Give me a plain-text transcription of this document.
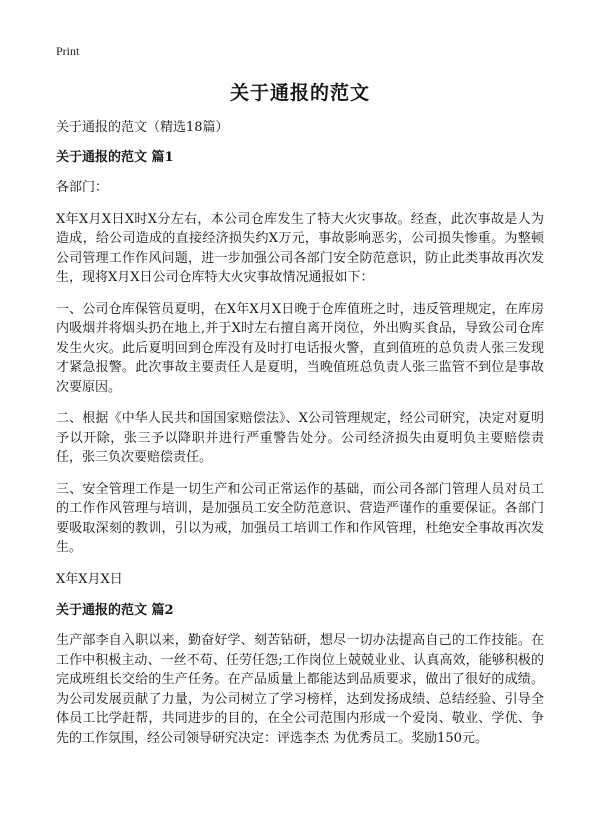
Print
关于通报的范文
关于通报的范文（精选18篇）
关于通报的范文 篇1

各部门：

X年X月X日X时X分左右，本公司仓库发生了特大火灾事故。经查，此次事故是人为造成，给公司造成的直接经济损失约X万元，事故影响恶劣，公司损失惨重。为整顿公司管理工作作风问题，进一步加强公司各部门安全防范意识，防止此类事故再次发生，现将X月X日公司仓库特大火灾事故情况通报如下：

一、公司仓库保管员夏明，在X年X月X日晚于仓库值班之时，违反管理规定，在库房内吸烟并将烟头扔在地上,并于X时左右擅自离开岗位，外出购买食品，导致公司仓库发生火灾。此后夏明回到仓库没有及时打电话报火警，直到值班的总负责人张三发现才紧急报警。此次事故主要责任人是夏明，当晚值班总负责人张三监管不到位是事故次要原因。

二、根据《中华人民共和国国家赔偿法》、X公司管理规定，经公司研究，决定对夏明予以开除，张三予以降职并进行严重警告处分。公司经济损失由夏明负主要赔偿责任，张三负次要赔偿责任。

三、安全管理工作是一切生产和公司正常运作的基础，而公司各部门管理人员对员工的工作作风管理与培训，是加强员工安全防范意识、营造严谨作的重要保证。各部门要吸取深刻的教训，引以为戒，加强员工培训工作和作风管理，杜绝安全事故再次发生。

X年X月X日

关于通报的范文 篇2

生产部李自入职以来，勤奋好学、刻苦钻研，想尽一切办法提高自己的工作技能。在工作中积极主动、一丝不苟、任劳任怨;工作岗位上兢兢业业、认真高效，能够积极的完成班组长交给的生产任务。在产品质量上都能达到品质要求，做出了很好的成绩。为公司发展贡献了力量，为公司树立了学习榜样，达到发扬成绩、总结经验、引导全体员工比学赶帮，共同进步的目的，在全公司范围内形成一个爱岗、敬业、学优、争先的工作氛围，经公司领导研究决定：评选李杰 为优秀员工。奖励150元。
